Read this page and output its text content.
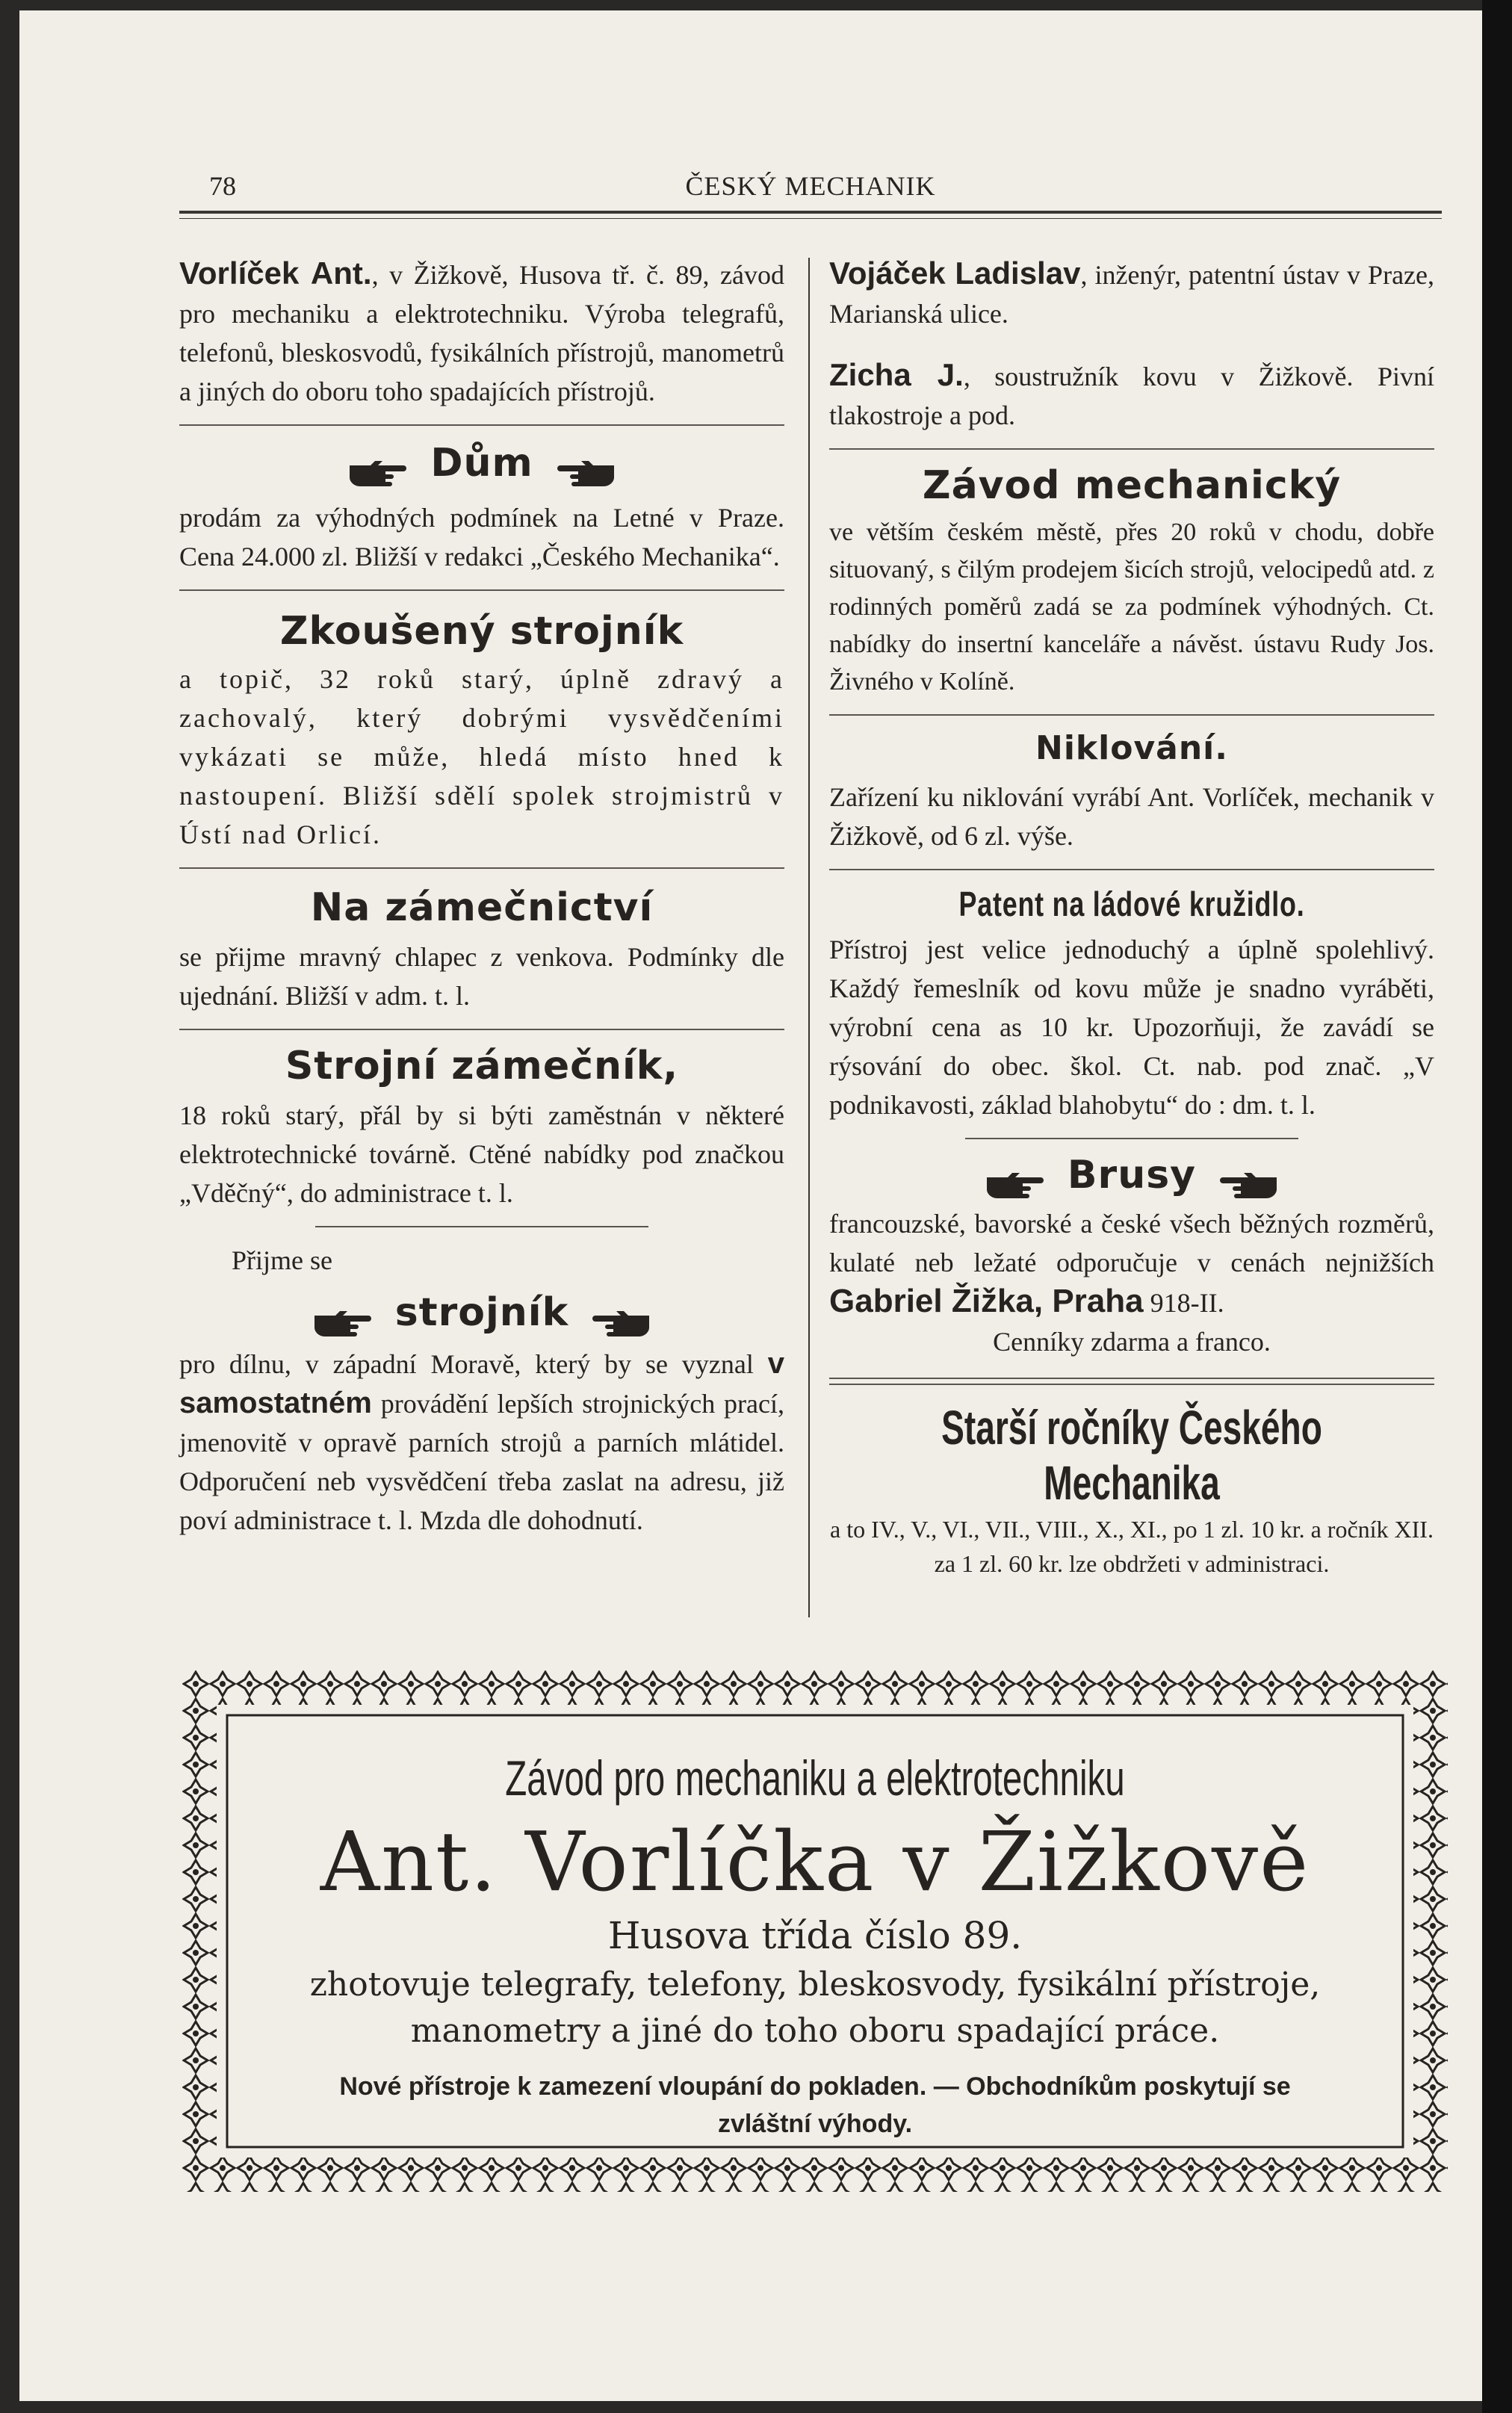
78	ČESKÝ MECHANIK

Vorlíček Ant., v Žižkově, Husova tř. č. 89, závod pro mechaniku a elektrotechniku. Výroba telegrafů, telefonů, bleskosvodů, fysikálních přístrojů, manometrů a jiných do oboru toho spadajících přístrojů.

Dům

prodám za výhodných podmínek na Letné v Praze. Cena 24.000 zl. Bližší v redakci „Českého Mechanika“.

Zkoušený strojník

a topič, 32 roků starý, úplně zdravý a zachovalý, který dobrými vysvědčeními vykázati se může, hledá místo hned k nastoupení. Bližší sdělí spolek strojmistrů v Ústí nad Orlicí.

Na zámečnictví

se přijme mravný chlapec z venkova. Podmínky dle ujednání. Bližší v adm. t. l.

Strojní zámečník,

18 roků starý, přál by si býti zaměstnán v některé elektrotechnické továrně. Ctěné nabídky pod značkou „Vděčný“, do administrace t. l.

Přijme se

strojník

pro dílnu, v západní Moravě, který by se vyznal v samostatném provádění lepších strojnických prací, jmenovitě v opravě parních strojů a parních mlátidel. Odporučení neb vysvědčení třeba zaslat na adresu, již poví administrace t. l. Mzda dle dohodnutí.

Vojáček Ladislav, inženýr, patentní ústav v Praze, Marianská ulice.

Zicha J., soustružník kovu v Žižkově. Pivní tlakostroje a pod.

Závod mechanický

ve větším českém městě, přes 20 roků v chodu, dobře situovaný, s čilým prodejem šicích strojů, velocipedů atd. z rodinných poměrů zadá se za podmínek výhodných. Ct. nabídky do insertní kanceláře a návěst. ústavu Rudy Jos. Živného v Kolíně.

Niklování.

Zařízení ku niklování vyrábí Ant. Vorlíček, mechanik v Žižkově, od 6 zl. výše.

Patent na ládové kružidlo.

Přístroj jest velice jednoduchý a úplně spolehlivý. Každý řemeslník od kovu může je snadno vyráběti, výrobní cena as 10 kr. Upozorňuji, že zavádí se rýsování do obec. škol. Ct. nab. pod znač. „V podnikavosti, základ blahobytu“ do : dm. t. l.

Brusy

francouzské, bavorské a české všech běžných rozměrů, kulaté neb ležaté odporučuje v cenách nejnižších Gabriel Žižka, Praha 918-II.

Cenníky zdarma a franco.

Starší ročníky Českého Mechanika

a to IV., V., VI., VII., VIII., X., XI., po 1 zl. 10 kr. a ročník XII. za 1 zl. 60 kr. lze obdržeti v administraci.

Závod pro mechaniku a elektrotechniku

Ant. Vorlíčka v Žižkově

Husova třída číslo 89.

zhotovuje telegrafy, telefony, bleskosvody, fysikální přístroje, manometry a jiné do toho oboru spadající práce.

Nové přístroje k zamezení vloupání do pokladen. — Obchodníkům poskytují se zvláštní výhody.
